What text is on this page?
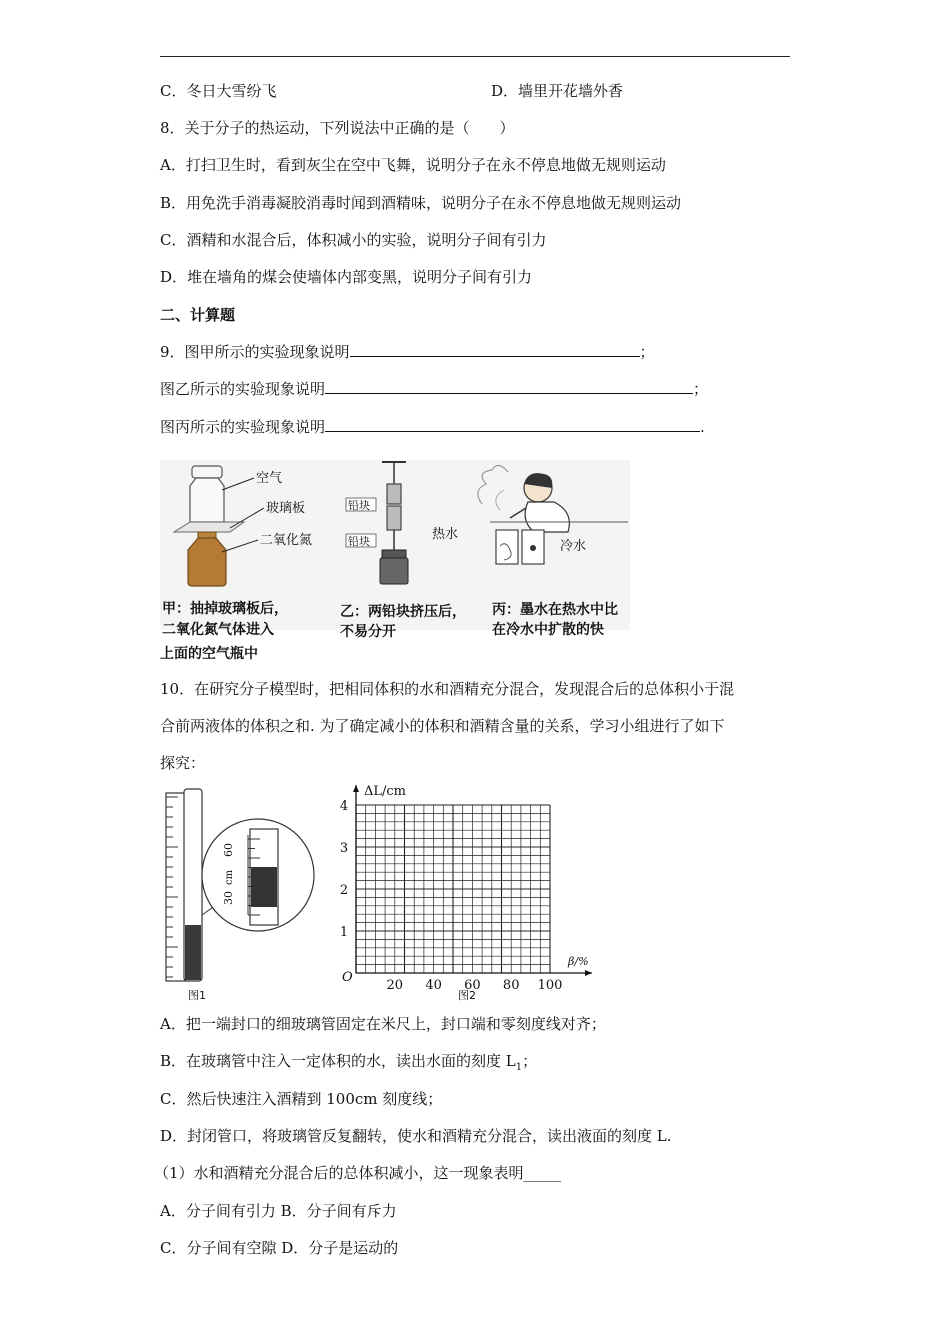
C．冬日大雪纷飞	D．墙里开花墙外香
8．关于分子的热运动，下列说法中正确的是（　　）
A．打扫卫生时，看到灰尘在空中飞舞，说明分子在永不停息地做无规则运动
B．用免洗手消毒凝胶消毒时闻到酒精味，说明分子在永不停息地做无规则运动
C．酒精和水混合后，体积减小的实验，说明分子间有引力
D．堆在墙角的煤会使墙体内部变黑，说明分子间有引力
二、计算题
9．图甲所示的实验现象说明	；
图乙所示的实验现象说明	；
图丙所示的实验现象说明	.
空气
玻璃板
二氧化氮
铅块
铅块	热水
冷水
甲：抽掉玻璃板后，
二氧化氮气体进入
乙：两铅块挤压后，
不易分开
丙：墨水在热水中比
在冷水中扩散的快
上面的空气瓶中
10．在研究分子模型时，把相同体积的水和酒精充分混合，发现混合后的总体积小于混
合前两液体的体积之和. 为了确定减小的体积和酒精含量的关系，学习小组进行了如下
探究：
60
30
cm
图1
20 40 60 80 100
1
2
3
4
ΔL/cm
β/%
O
图2
A．把一端封口的细玻璃管固定在米尺上，封口端和零刻度线对齐；
B．在玻璃管中注入一定体积的水，读出水面的刻度 $L_1$；
C．然后快速注入酒精到 100cm 刻度线；
D．封闭管口，将玻璃管反复翻转，使水和酒精充分混合，读出液面的刻度 L.
（1）水和酒精充分混合后的总体积减小，这一现象表明_____
A．分子间有引力 B．分子间有斥力
C．分子间有空隙 D．分子是运动的
